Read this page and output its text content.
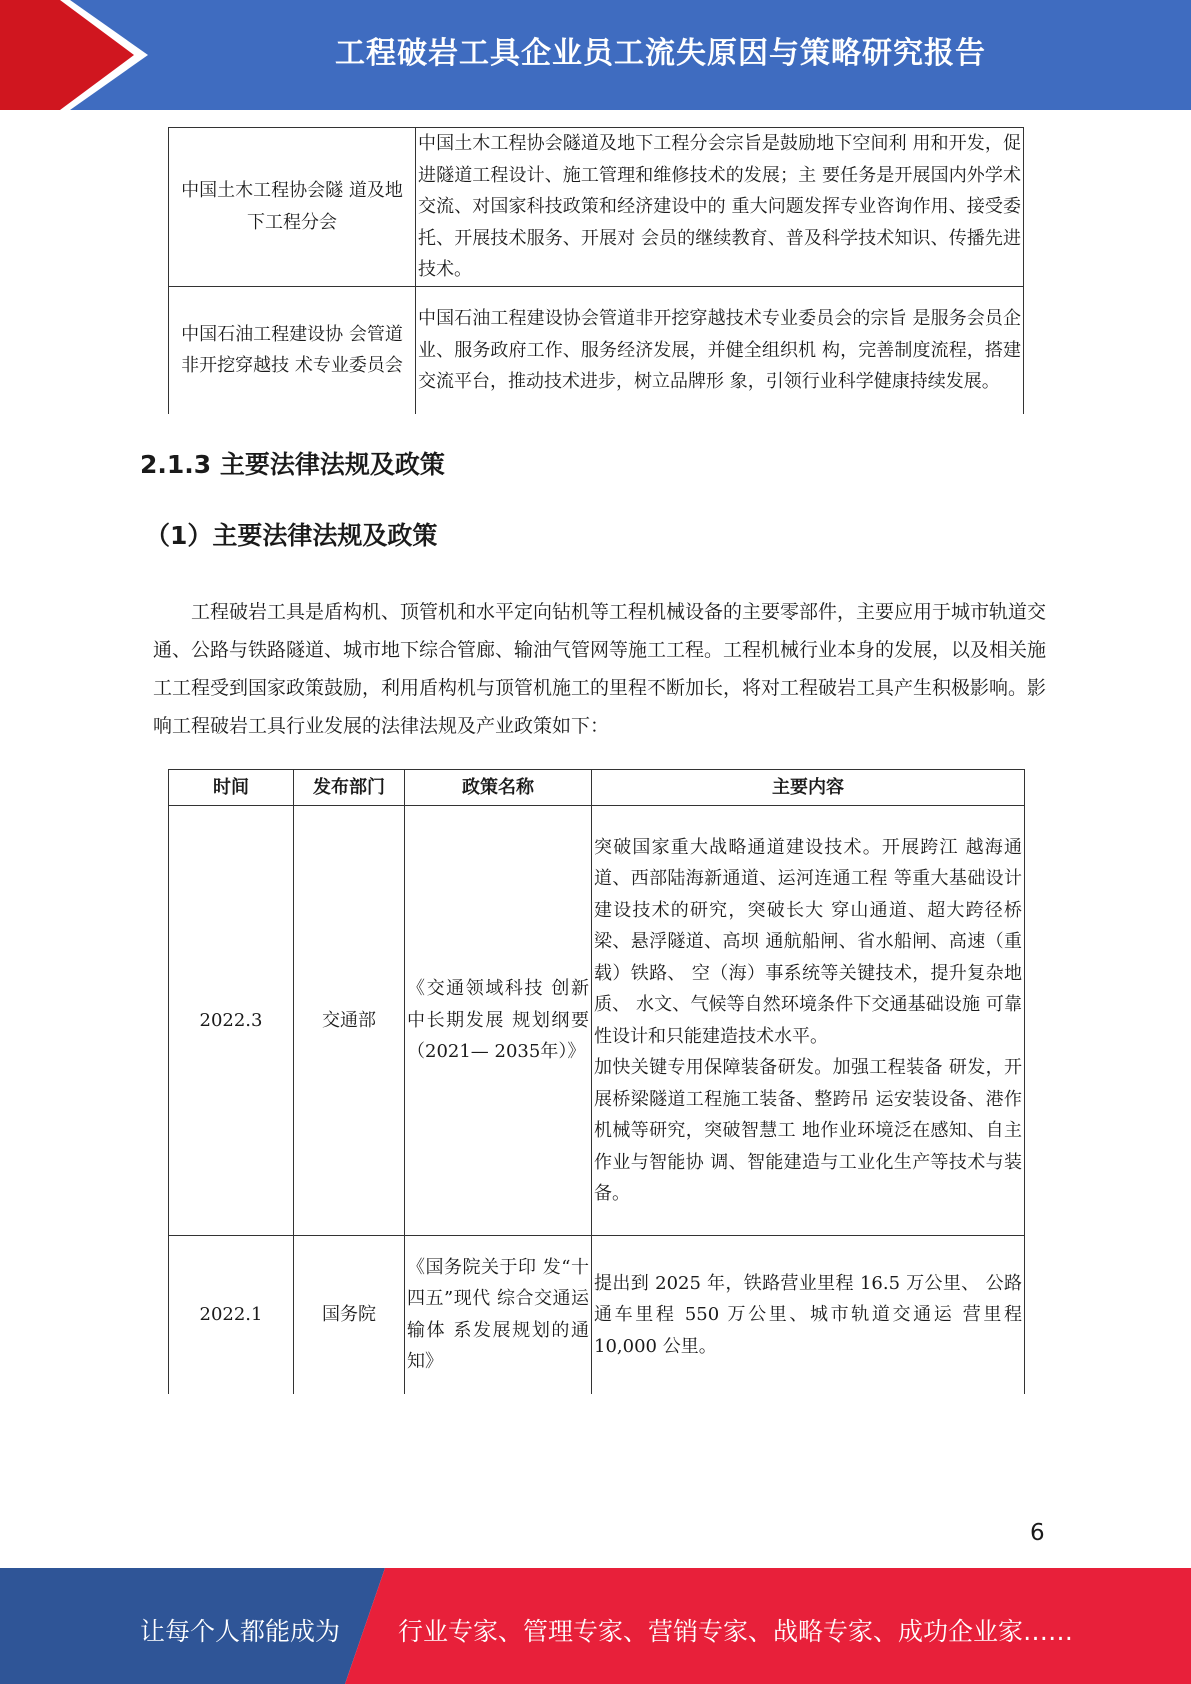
工程破岩工具企业员工流失原因与策略研究报告
中国土木工程协会隧 道及地下工程分会	中国土木工程协会隧道及地下工程分会宗旨是鼓励地下空间利 用和开发，促进隧道工程设计、施工管理和维修技术的发展；主 要任务是开展国内外学术交流、对国家科技政策和经济建设中的 重大问题发挥专业咨询作用、接受委托、开展技术服务、开展对 会员的继续教育、普及科学技术知识、传播先进技术。
中国石油工程建设协 会管道非开挖穿越技 术专业委员会	中国石油工程建设协会管道非开挖穿越技术专业委员会的宗旨 是服务会员企业、服务政府工作、服务经济发展，并健全组织机 构，完善制度流程，搭建交流平台，推动技术进步，树立品牌形 象，引领行业科学健康持续发展。
2.1.3 主要法律法规及政策
（1）主要法律法规及政策

工程破岩工具是盾构机、顶管机和水平定向钻机等工程机械设备的主要零部件，主要应用于城市轨道交通、公路与铁路隧道、城市地下综合管廊、输油气管网等施工工程。工程机械行业本身的发展，以及相关施工工程受到国家政策鼓励，利用盾构机与顶管机施工的里程不断加长，将对工程破岩工具产生积极影响。影响工程破岩工具行业发展的法律法规及产业政策如下：

时间	发布部门	政策名称	主要内容
2022.3	交通部	《交通领域科技 创新中长期发展 规划纲要（2021— 2035年）》	突破国家重大战略通道建设技术。开展跨江 越海通道、西部陆海新通道、运河连通工程 等重大基础设计建设技术的研究，突破长大 穿山通道、超大跨径桥梁、悬浮隧道、高坝 通航船闸、省水船闸、高速（重载）铁路、 空（海）事系统等关键技术，提升复杂地质、 水文、气候等自然环境条件下交通基础设施 可靠性设计和只能建造技术水平。
加快关键专用保障装备研发。加强工程装备 研发，开展桥梁隧道工程施工装备、整跨吊 运安装设备、港作机械等研究，突破智慧工 地作业环境泛在感知、自主作业与智能协 调、智能建造与工业化生产等技术与装备。

2022.1	国务院	《国务院关于印 发“十四五”现代 综合交通运输体 系发展规划的通 知》	提出到 2025 年，铁路营业里程 16.5 万公里、 公路通车里程 550 万公里、城市轨道交通运 营里程 10,000 公里。
6
让每个人都能成为 行业专家、管理专家、营销专家、战略专家、成功企业家……
